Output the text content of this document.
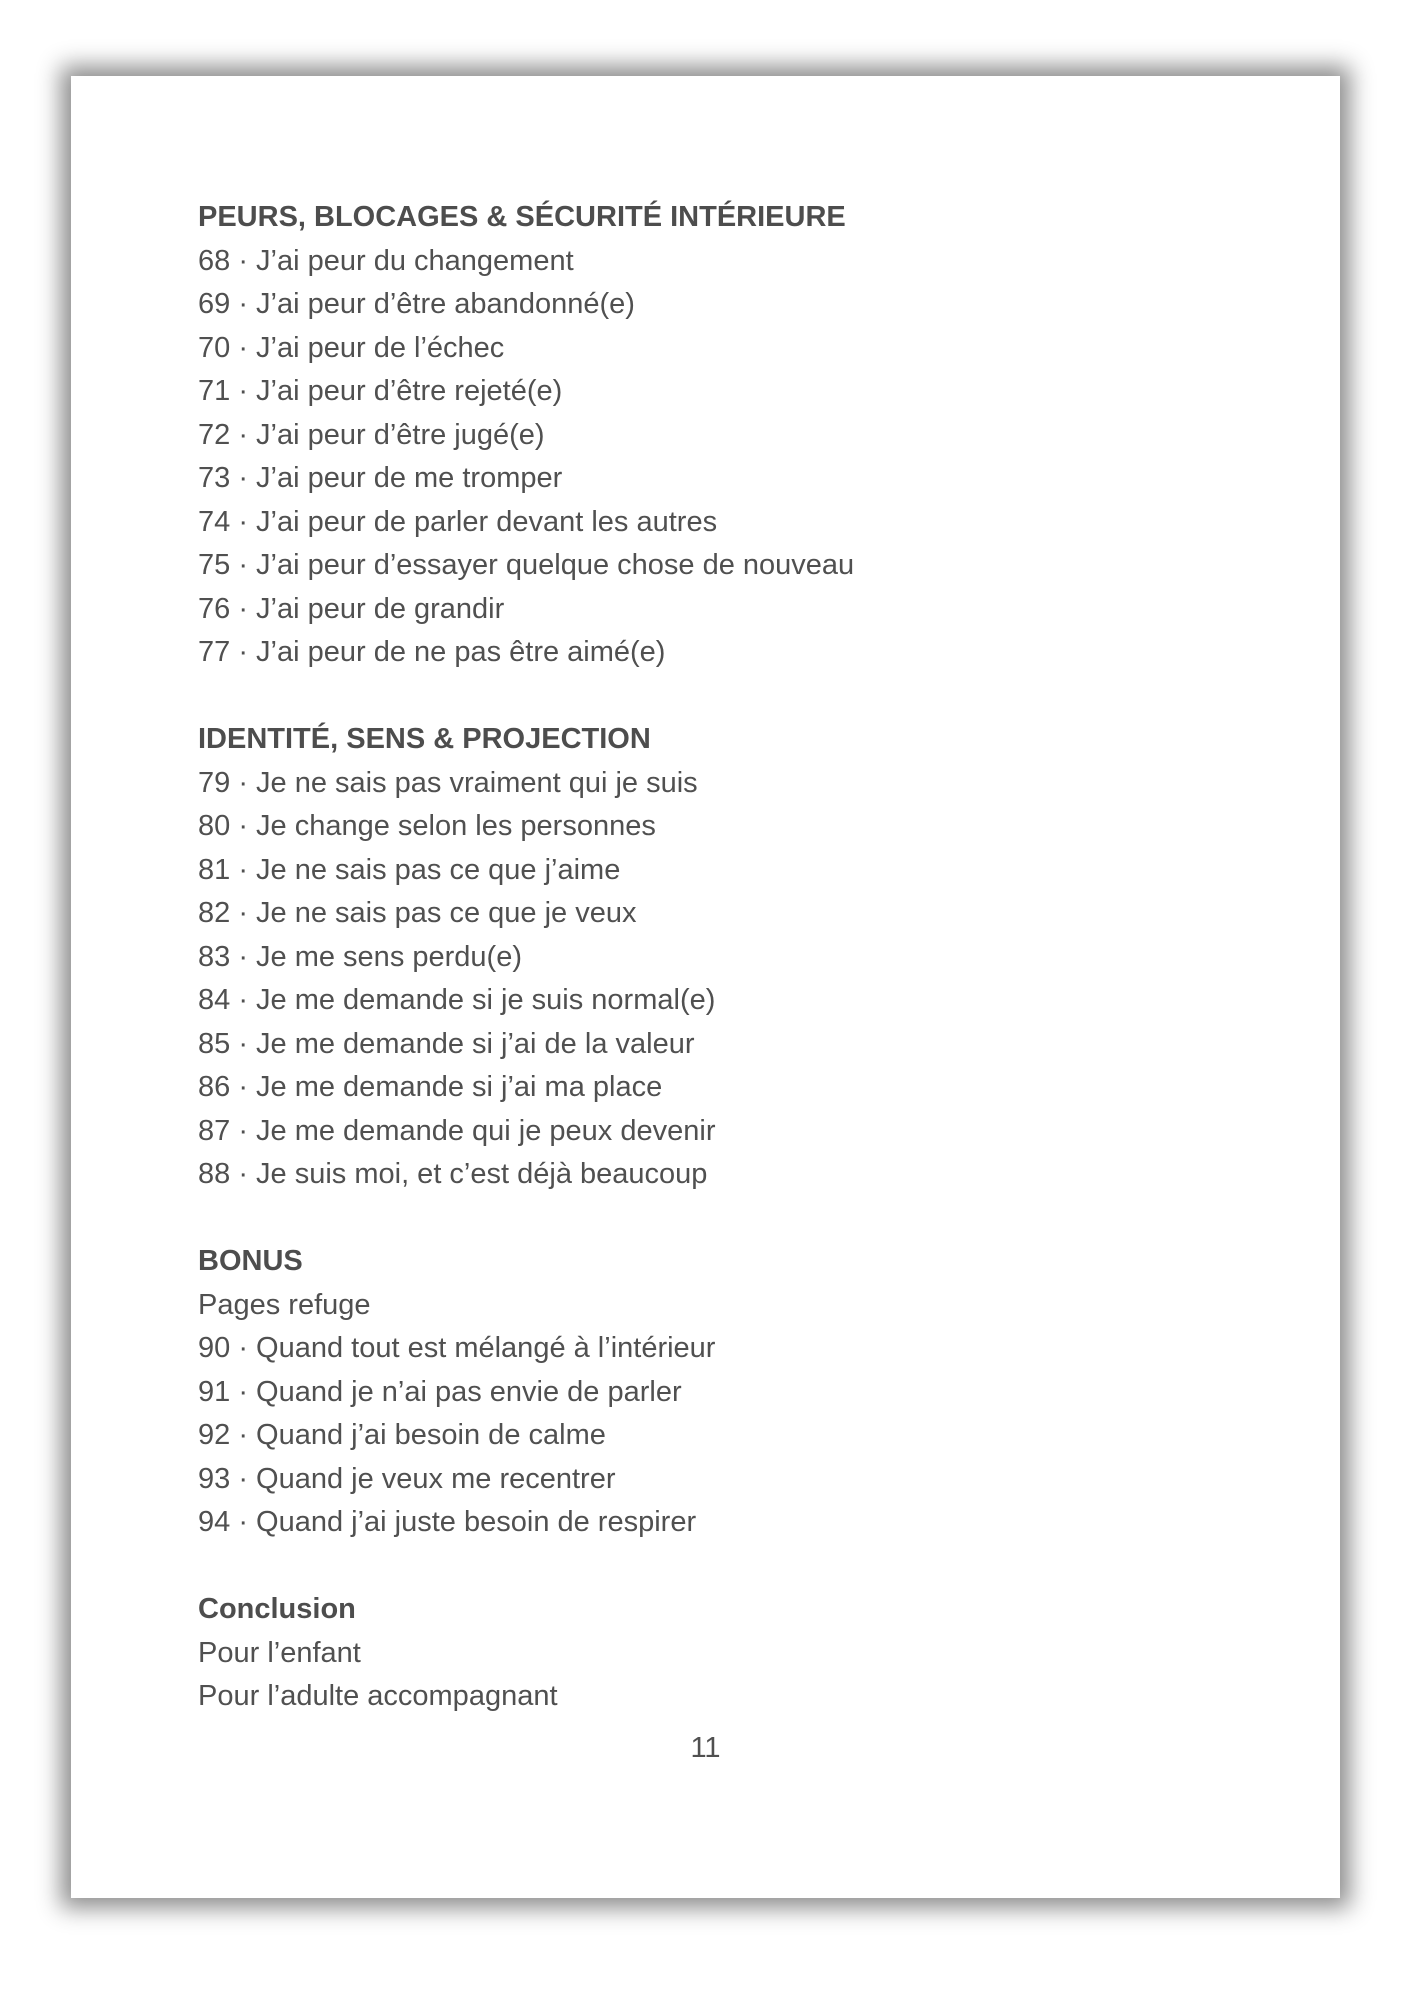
PEURS, BLOCAGES & SÉCURITÉ INTÉRIEURE
68 · J’ai peur du changement
69 · J’ai peur d’être abandonné(e)
70 · J’ai peur de l’échec
71 · J’ai peur d’être rejeté(e)
72 · J’ai peur d’être jugé(e)
73 · J’ai peur de me tromper
74 · J’ai peur de parler devant les autres
75 · J’ai peur d’essayer quelque chose de nouveau
76 · J’ai peur de grandir
77 · J’ai peur de ne pas être aimé(e)
IDENTITÉ, SENS & PROJECTION
79 · Je ne sais pas vraiment qui je suis
80 · Je change selon les personnes
81 · Je ne sais pas ce que j’aime
82 · Je ne sais pas ce que je veux
83 · Je me sens perdu(e)
84 · Je me demande si je suis normal(e)
85 · Je me demande si j’ai de la valeur
86 · Je me demande si j’ai ma place
87 · Je me demande qui je peux devenir
88 · Je suis moi, et c’est déjà beaucoup
BONUS
Pages refuge
90 · Quand tout est mélangé à l’intérieur
91 · Quand je n’ai pas envie de parler
92 · Quand j’ai besoin de calme
93 · Quand je veux me recentrer
94 · Quand j’ai juste besoin de respirer
Conclusion
Pour l’enfant
Pour l’adulte accompagnant
11
